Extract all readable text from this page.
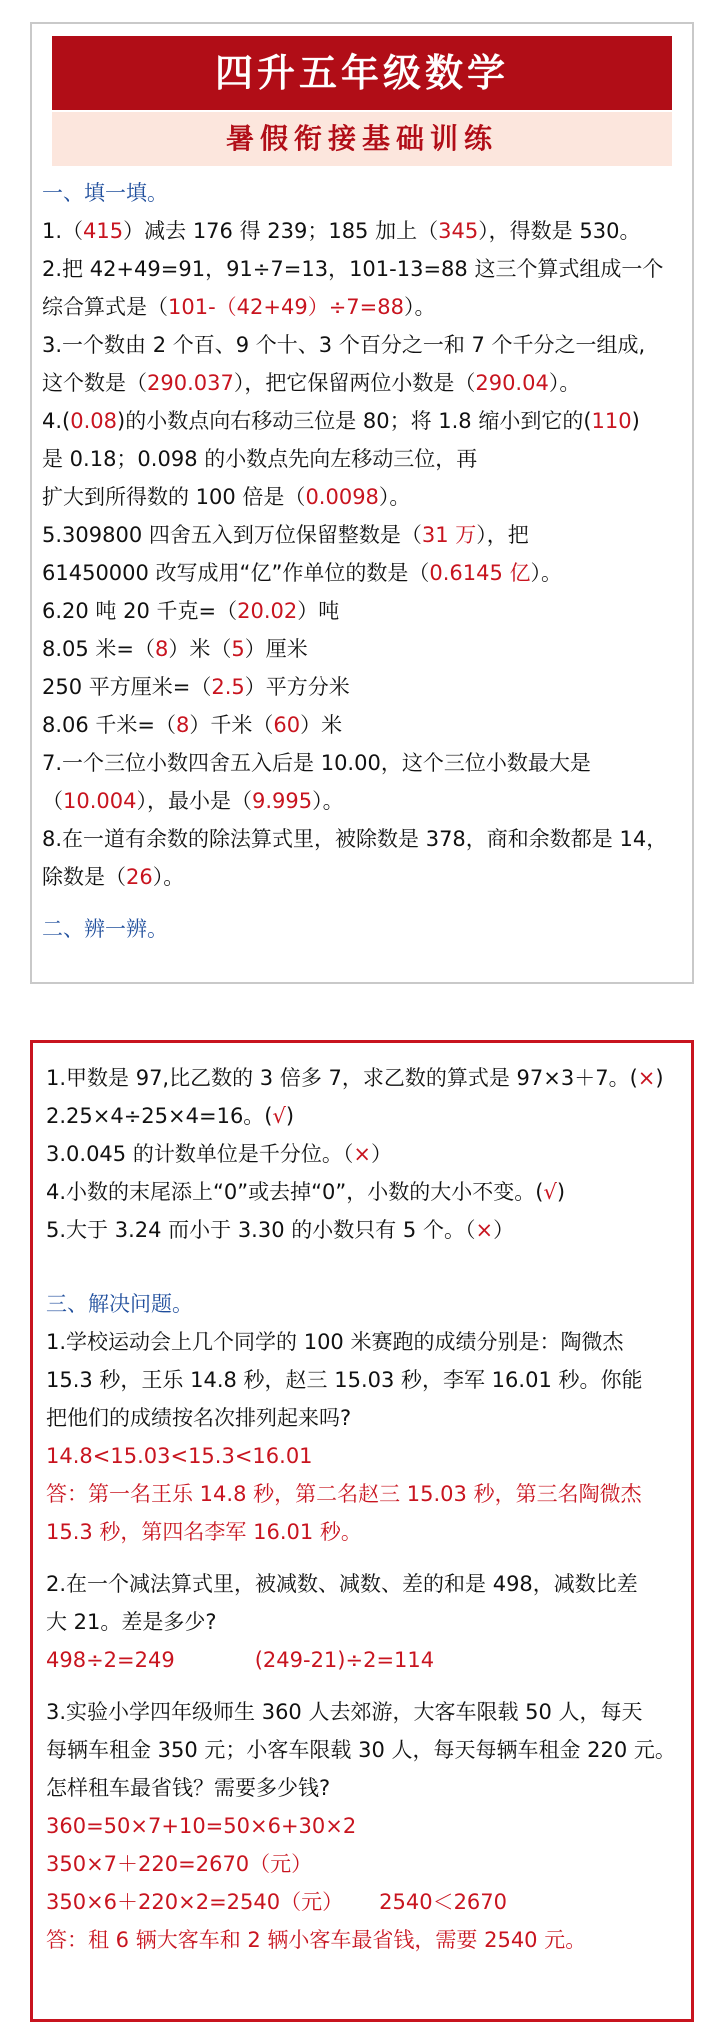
四升五年级数学
暑假衔接基础训练
一、填一填。
1.（415）减去 176 得 239；185 加上（345），得数是 530。
2.把 42+49=91，91÷7=13，101-13=88 这三个算式组成一个
综合算式是（101-（42+49）÷7=88）。
3.一个数由 2 个百、9 个十、3 个百分之一和 7 个千分之一组成,
这个数是（290.037），把它保留两位小数是（290.04）。
4.(0.08)的小数点向右移动三位是 80；将 1.8 缩小到它的(110)
是 0.18；0.098 的小数点先向左移动三位，再
扩大到所得数的 100 倍是（0.0098）。
5.309800 四舍五入到万位保留整数是（31 万），把
61450000 改写成用“亿”作单位的数是（0.6145 亿）。
6.20 吨 20 千克=（20.02）吨
8.05 米=（8）米（5）厘米
250 平方厘米=（2.5）平方分米
8.06 千米=（8）千米（60）米
7.一个三位小数四舍五入后是 10.00，这个三位小数最大是
（10.004），最小是（9.995）。
8.在一道有余数的除法算式里，被除数是 378，商和余数都是 14，
除数是（26）。
二、辨一辨。
1.甲数是 97,比乙数的 3 倍多 7，求乙数的算式是 97×3＋7。(×)
2.25×4÷25×4=16。(√)
3.0.045 的计数单位是千分位。（×）
4.小数的末尾添上“0”或去掉“0”，小数的大小不变。(√)
5.大于 3.24 而小于 3.30 的小数只有 5 个。（×）
三、解决问题。
1.学校运动会上几个同学的 100 米赛跑的成绩分别是：陶微杰
15.3 秒，王乐 14.8 秒，赵三 15.03 秒，李军 16.01 秒。你能
把他们的成绩按名次排列起来吗?
14.8<15.03<15.3<16.01
答：第一名王乐 14.8 秒，第二名赵三 15.03 秒，第三名陶微杰
15.3 秒，第四名李军 16.01 秒。
2.在一个减法算式里，被减数、减数、差的和是 498，减数比差
大 21。差是多少?
498÷2=249	(249-21)÷2=114
3.实验小学四年级师生 360 人去郊游，大客车限载 50 人，每天
每辆车租金 350 元；小客车限载 30 人，每天每辆车租金 220 元。
怎样租车最省钱？需要多少钱?
360=50×7+10=50×6+30×2
350×7＋220=2670（元）
350×6＋220×2=2540（元） 2540＜2670
答：租 6 辆大客车和 2 辆小客车最省钱，需要 2540 元。
